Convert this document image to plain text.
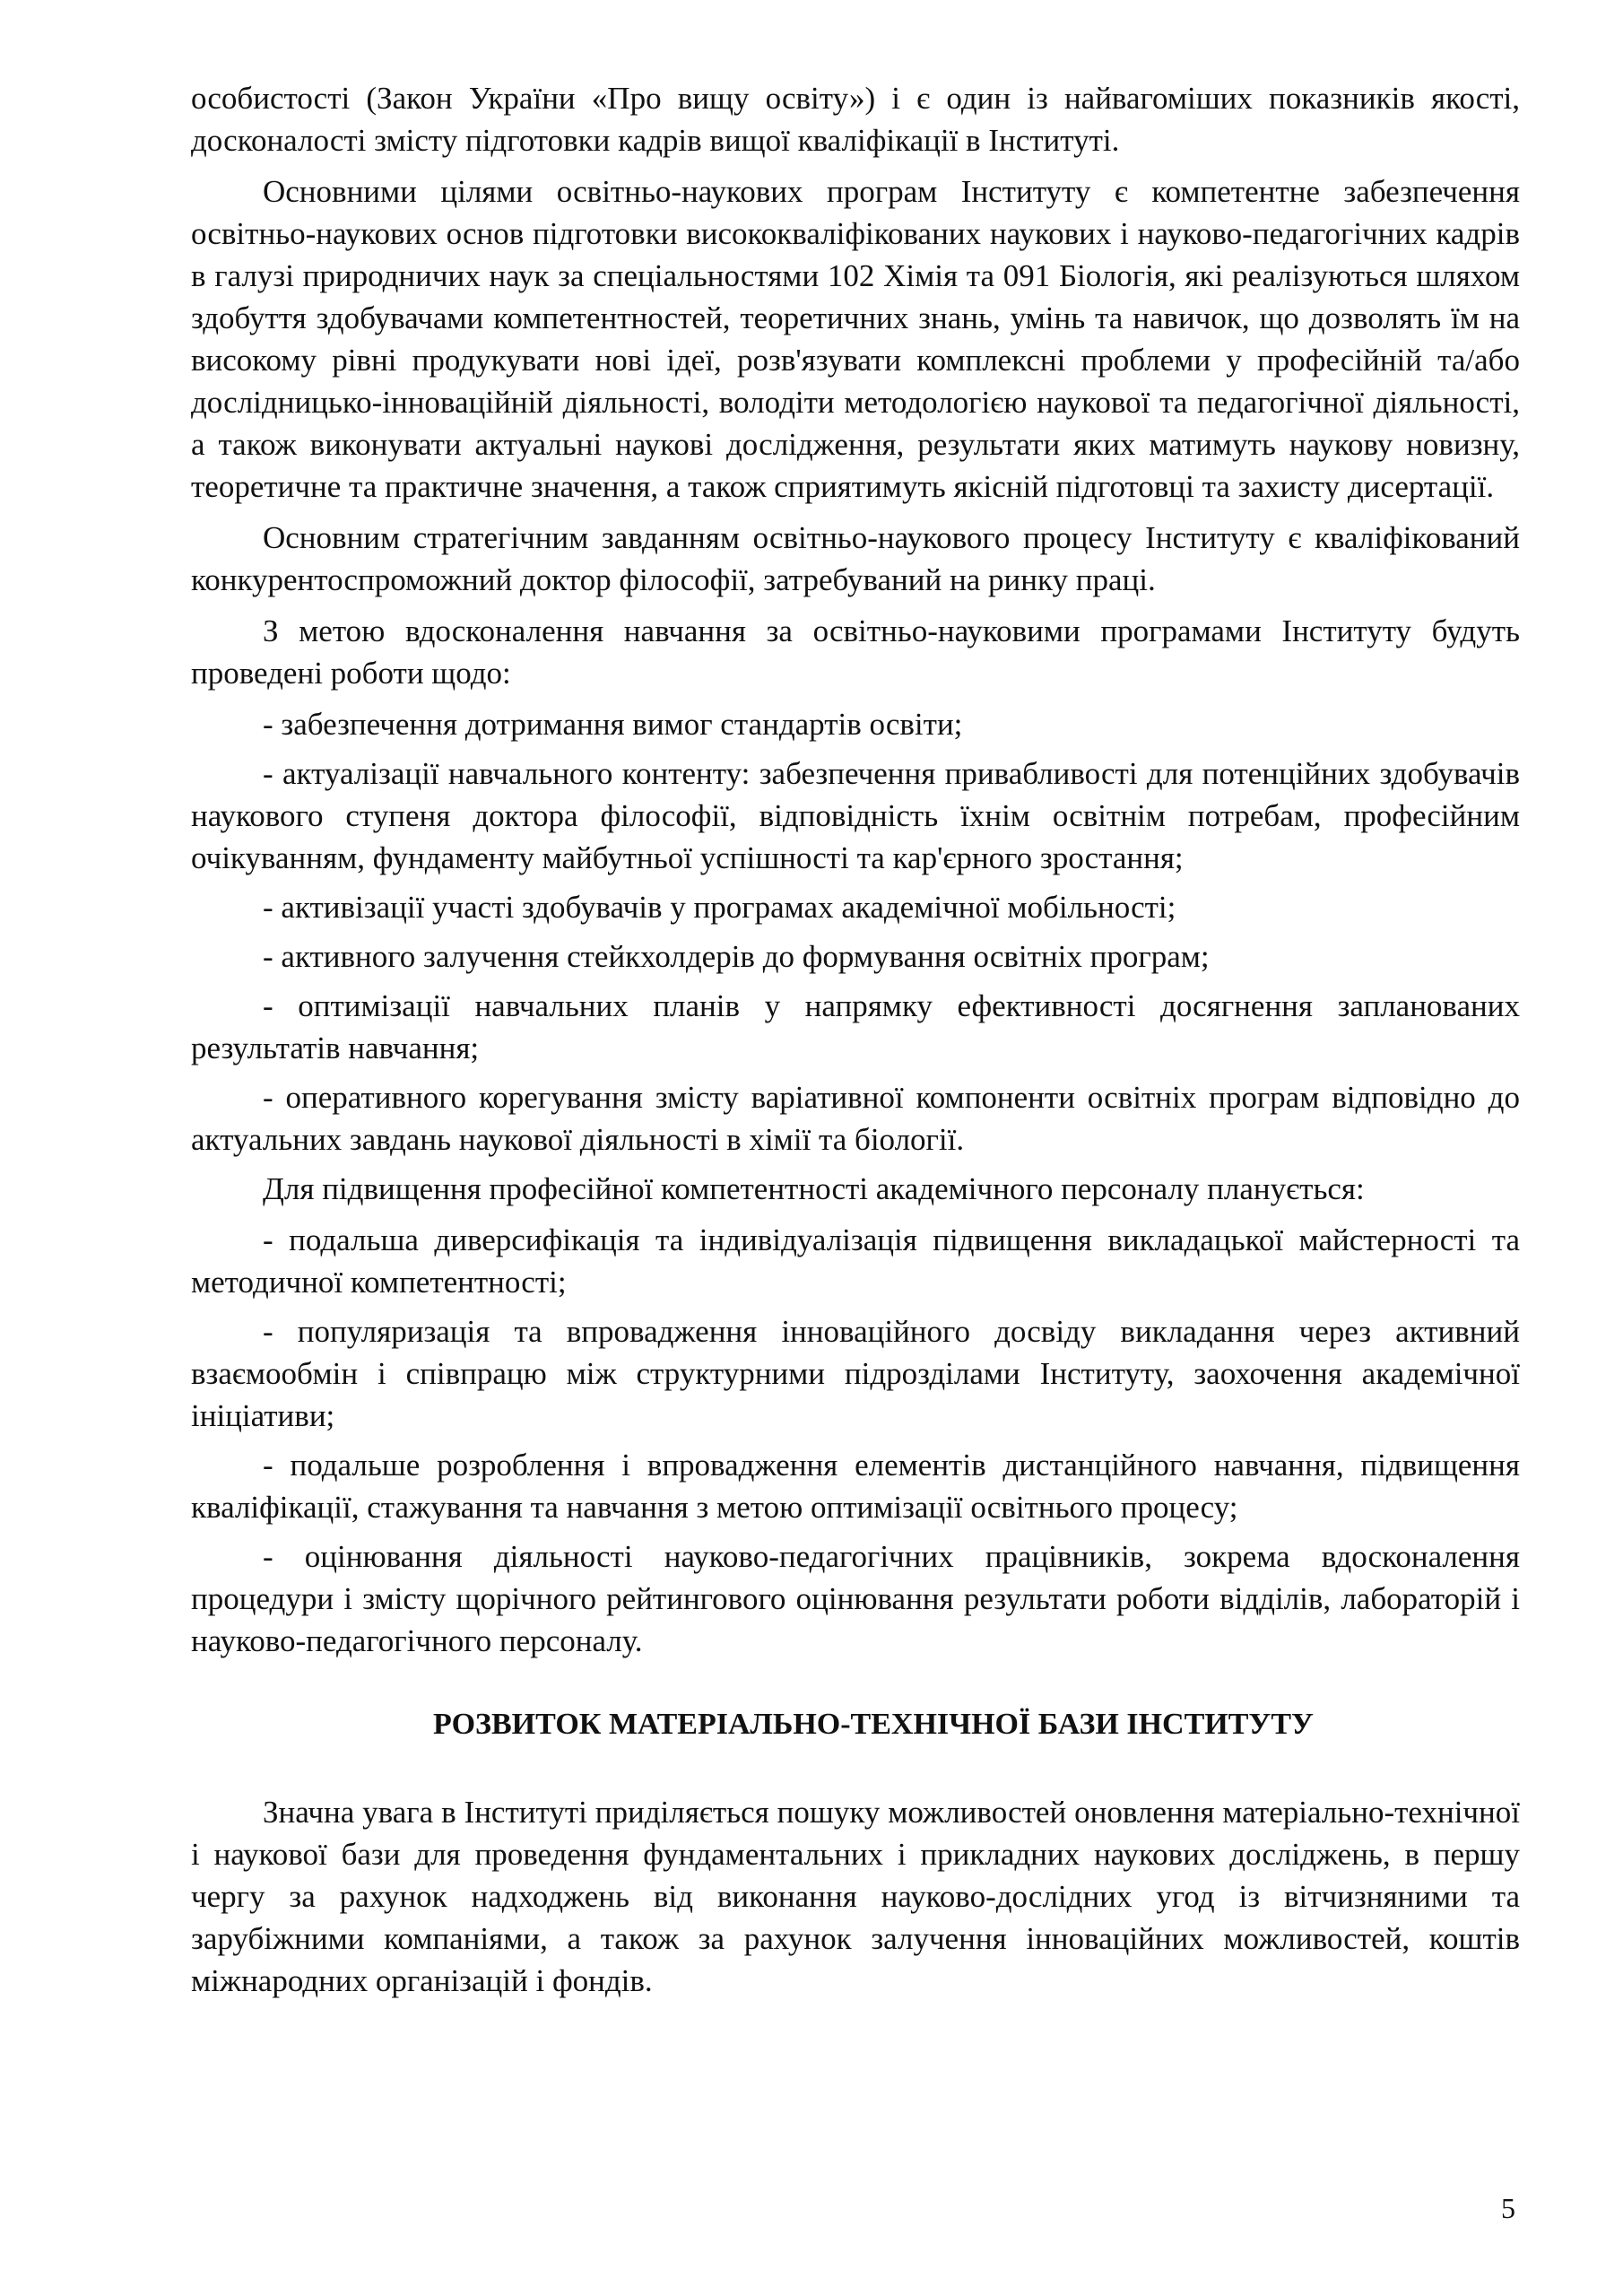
особистості (Закон України «Про вищу освіту») і є один із найвагоміших показників якості, досконалості змісту підготовки кадрів вищої кваліфікації в Інституті.

Основними цілями освітньо-наукових програм Інституту є компетентне забезпечення освітньо-наукових основ підготовки висококваліфікованих наукових і науково-педагогічних кадрів в галузі природничих наук за спеціальностями 102 Хімія та 091 Біологія, які реалізуються шляхом здобуття здобувачами компетентностей, теоретичних знань, умінь та навичок, що дозволять їм на високому рівні продукувати нові ідеї, розв'язувати комплексні проблеми у професійній та/або дослідницько-інноваційній діяльності, володіти методологією наукової та педагогічної діяльності, а також виконувати актуальні наукові дослідження, результати яких матимуть наукову новизну, теоретичне та практичне значення, а також сприятимуть якісній підготовці та захисту дисертації.

Основним стратегічним завданням освітньо-наукового процесу Інституту є кваліфікований конкурентоспроможний доктор філософії, затребуваний на ринку праці.

З метою вдосконалення навчання за освітньо-науковими програмами Інституту будуть проведені роботи щодо:

- забезпечення дотримання вимог стандартів освіти;

- актуалізації навчального контенту: забезпечення привабливості для потенційних здобувачів наукового ступеня доктора філософії, відповідність їхнім освітнім потребам, професійним очікуванням, фундаменту майбутньої успішності та кар'єрного зростання;

- активізації участі здобувачів у програмах академічної мобільності;

- активного залучення стейкхолдерів до формування освітніх програм;

- оптимізації навчальних планів у напрямку ефективності досягнення запланованих результатів навчання;

- оперативного корегування змісту варіативної компоненти освітніх програм відповідно до актуальних завдань наукової діяльності в хімії та біології.

Для підвищення професійної компетентності академічного персоналу планується:

- подальша диверсифікація та індивідуалізація підвищення викладацької майстерності та методичної компетентності;

- популяризація та впровадження інноваційного досвіду викладання через активний взаємообмін і співпрацю між структурними підрозділами Інституту, заохочення академічної ініціативи;

- подальше розроблення і впровадження елементів дистанційного навчання, підвищення кваліфікації, стажування та навчання з метою оптимізації освітнього процесу;

- оцінювання діяльності науково-педагогічних працівників, зокрема вдосконалення процедури і змісту щорічного рейтингового оцінювання результати роботи відділів, лабораторій і науково-педагогічного персоналу.

РОЗВИТОК МАТЕРІАЛЬНО-ТЕХНІЧНОЇ БАЗИ ІНСТИТУТУ

Значна увага в Інституті приділяється пошуку можливостей оновлення матеріально-технічної і наукової бази для проведення фундаментальних і прикладних наукових досліджень, в першу чергу за рахунок надходжень від виконання науково-дослідних угод із вітчизняними та зарубіжними компаніями, а також за рахунок залучення інноваційних можливостей, коштів міжнародних організацій і фондів.

5
